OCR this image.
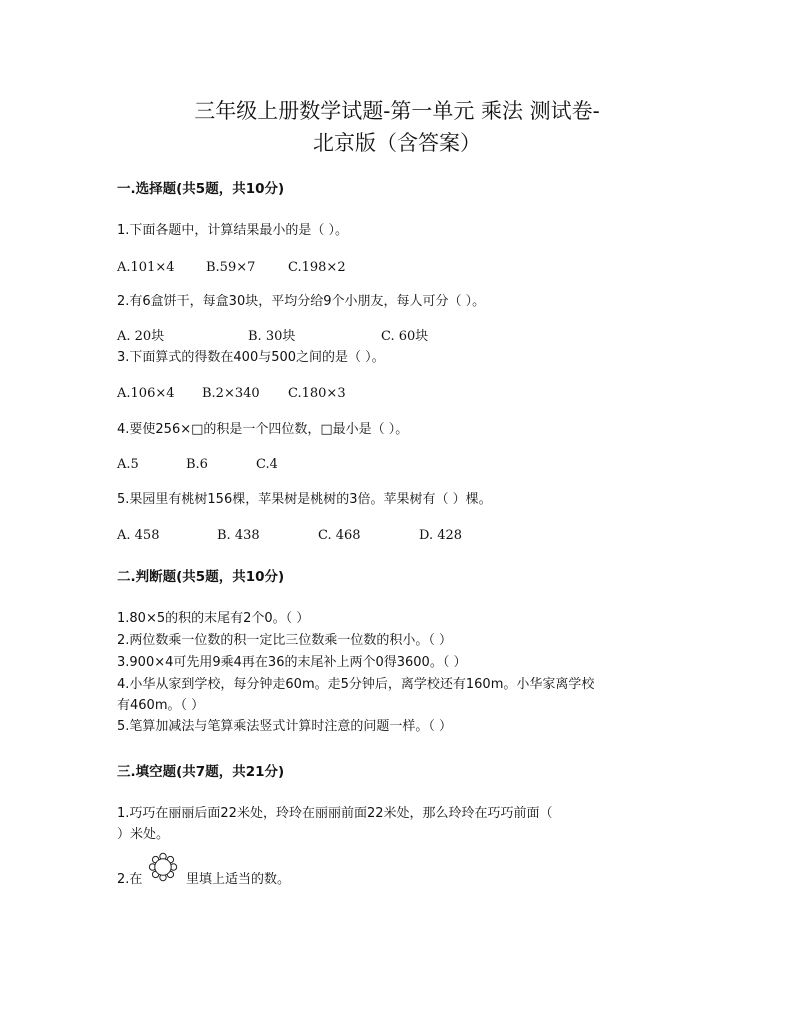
三年级上册数学试题-第一单元 乘法 测试卷-
北京版（含答案）
一.选择题(共5题，共10分)
1.下面各题中，计算结果最小的是（ ）。
A.101×4 B.59×7	C.198×2
2.有6盒饼干，每盒30块，平均分给9个小朋友，每人可分（ ）。
A. 20块	B. 30块	C. 60块
3.下面算式的得数在400与500之间的是（ ）。
A.106×4 B.2×340 C.180×3
4.要使256×□的积是一个四位数，□最小是（ ）。
A.5	B.6	C.4
5.果园里有桃树156棵，苹果树是桃树的3倍。苹果树有（ ）棵。
A. 458	B. 438	C. 468	D. 428
二.判断题(共5题，共10分)
1.80×5的积的末尾有2个0。（ ）
2.两位数乘一位数的积一定比三位数乘一位数的积小。（ ）
3.900×4可先用9乘4再在36的末尾补上两个0得3600。（ ）
4.小华从家到学校，每分钟走60m。走5分钟后，离学校还有160m。小华家离学校
有460m。（ ）
5.笔算加减法与笔算乘法竖式计算时注意的问题一样。（ ）
三.填空题(共7题，共21分)
1.巧巧在丽丽后面22米处，玲玲在丽丽前面22米处，那么玲玲在巧巧前面（
）米处。
2.在	里填上适当的数。
